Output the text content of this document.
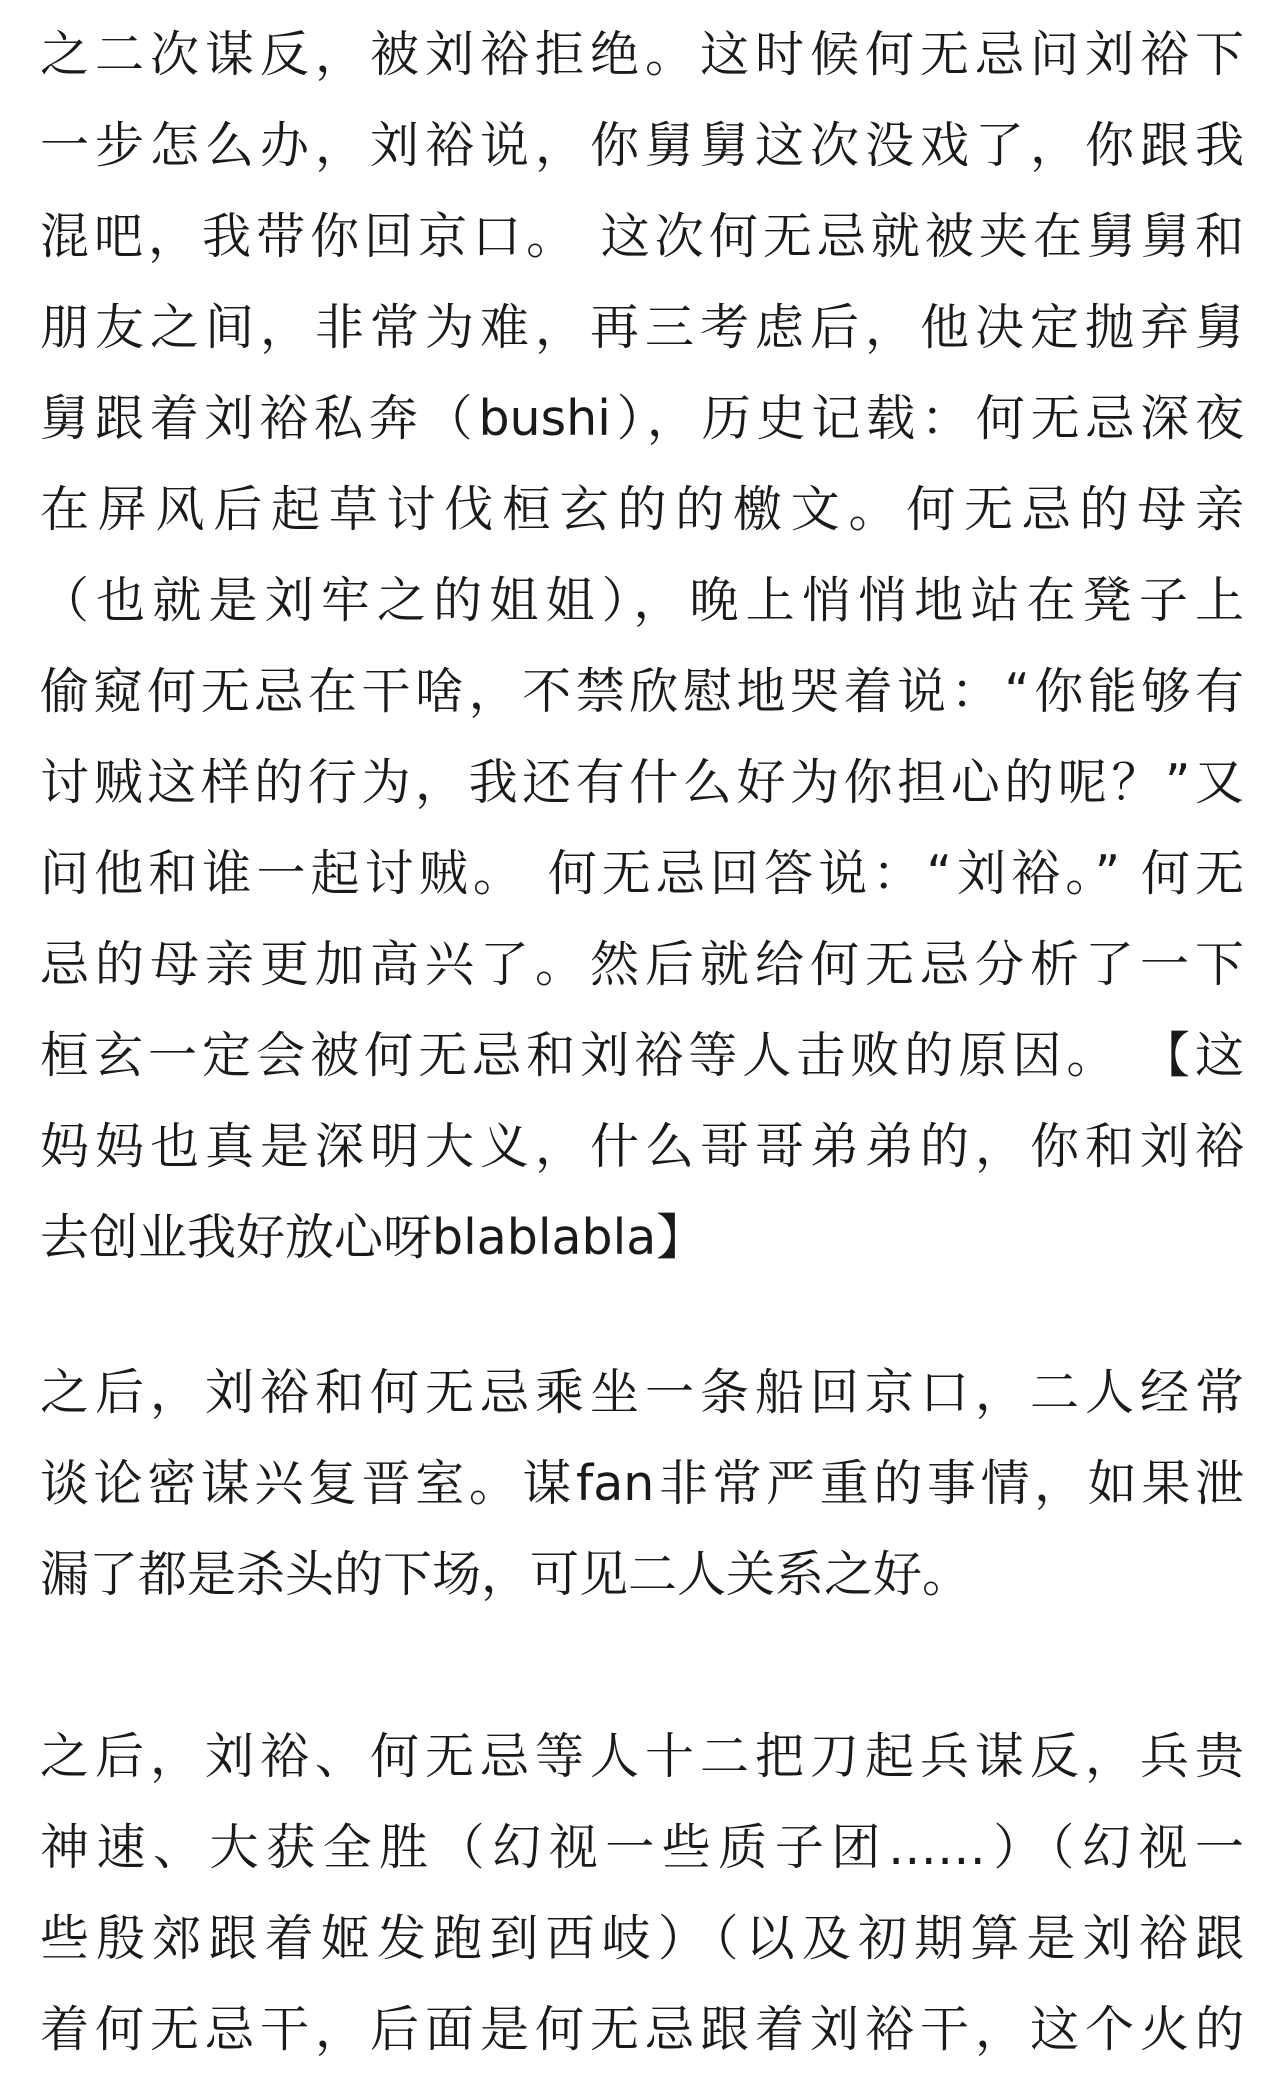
之二次谋反，被刘裕拒绝。这时候何无忌问刘裕下
一步怎么办，刘裕说，你舅舅这次没戏了，你跟我
混吧，我带你回京口。 这次何无忌就被夹在舅舅和
朋友之间，非常为难，再三考虑后，他决定抛弃舅
舅跟着刘裕私奔（bushi），历史记载：何无忌深夜
在屏风后起草讨伐桓玄的的檄文。何无忌的母亲
（也就是刘牢之的姐姐），晚上悄悄地站在凳子上
偷窥何无忌在干啥，不禁欣慰地哭着说：“你能够有
讨贼这样的行为，我还有什么好为你担心的呢？”又
问他和谁一起讨贼。 何无忌回答说：“刘裕。” 何无
忌的母亲更加高兴了。然后就给何无忌分析了一下
桓玄一定会被何无忌和刘裕等人击败的原因。 【这
妈妈也真是深明大义，什么哥哥弟弟的，你和刘裕
去创业我好放心呀blablabla】
之后，刘裕和何无忌乘坐一条船回京口，二人经常
谈论密谋兴复晋室。谋fan非常严重的事情，如果泄
漏了都是杀头的下场，可见二人关系之好。
之后，刘裕、何无忌等人十二把刀起兵谋反，兵贵
神速、大获全胜（幻视一些质子团……）（幻视一
些殷郊跟着姬发跑到西岐）（以及初期算是刘裕跟
着何无忌干，后面是何无忌跟着刘裕干，这个火的
